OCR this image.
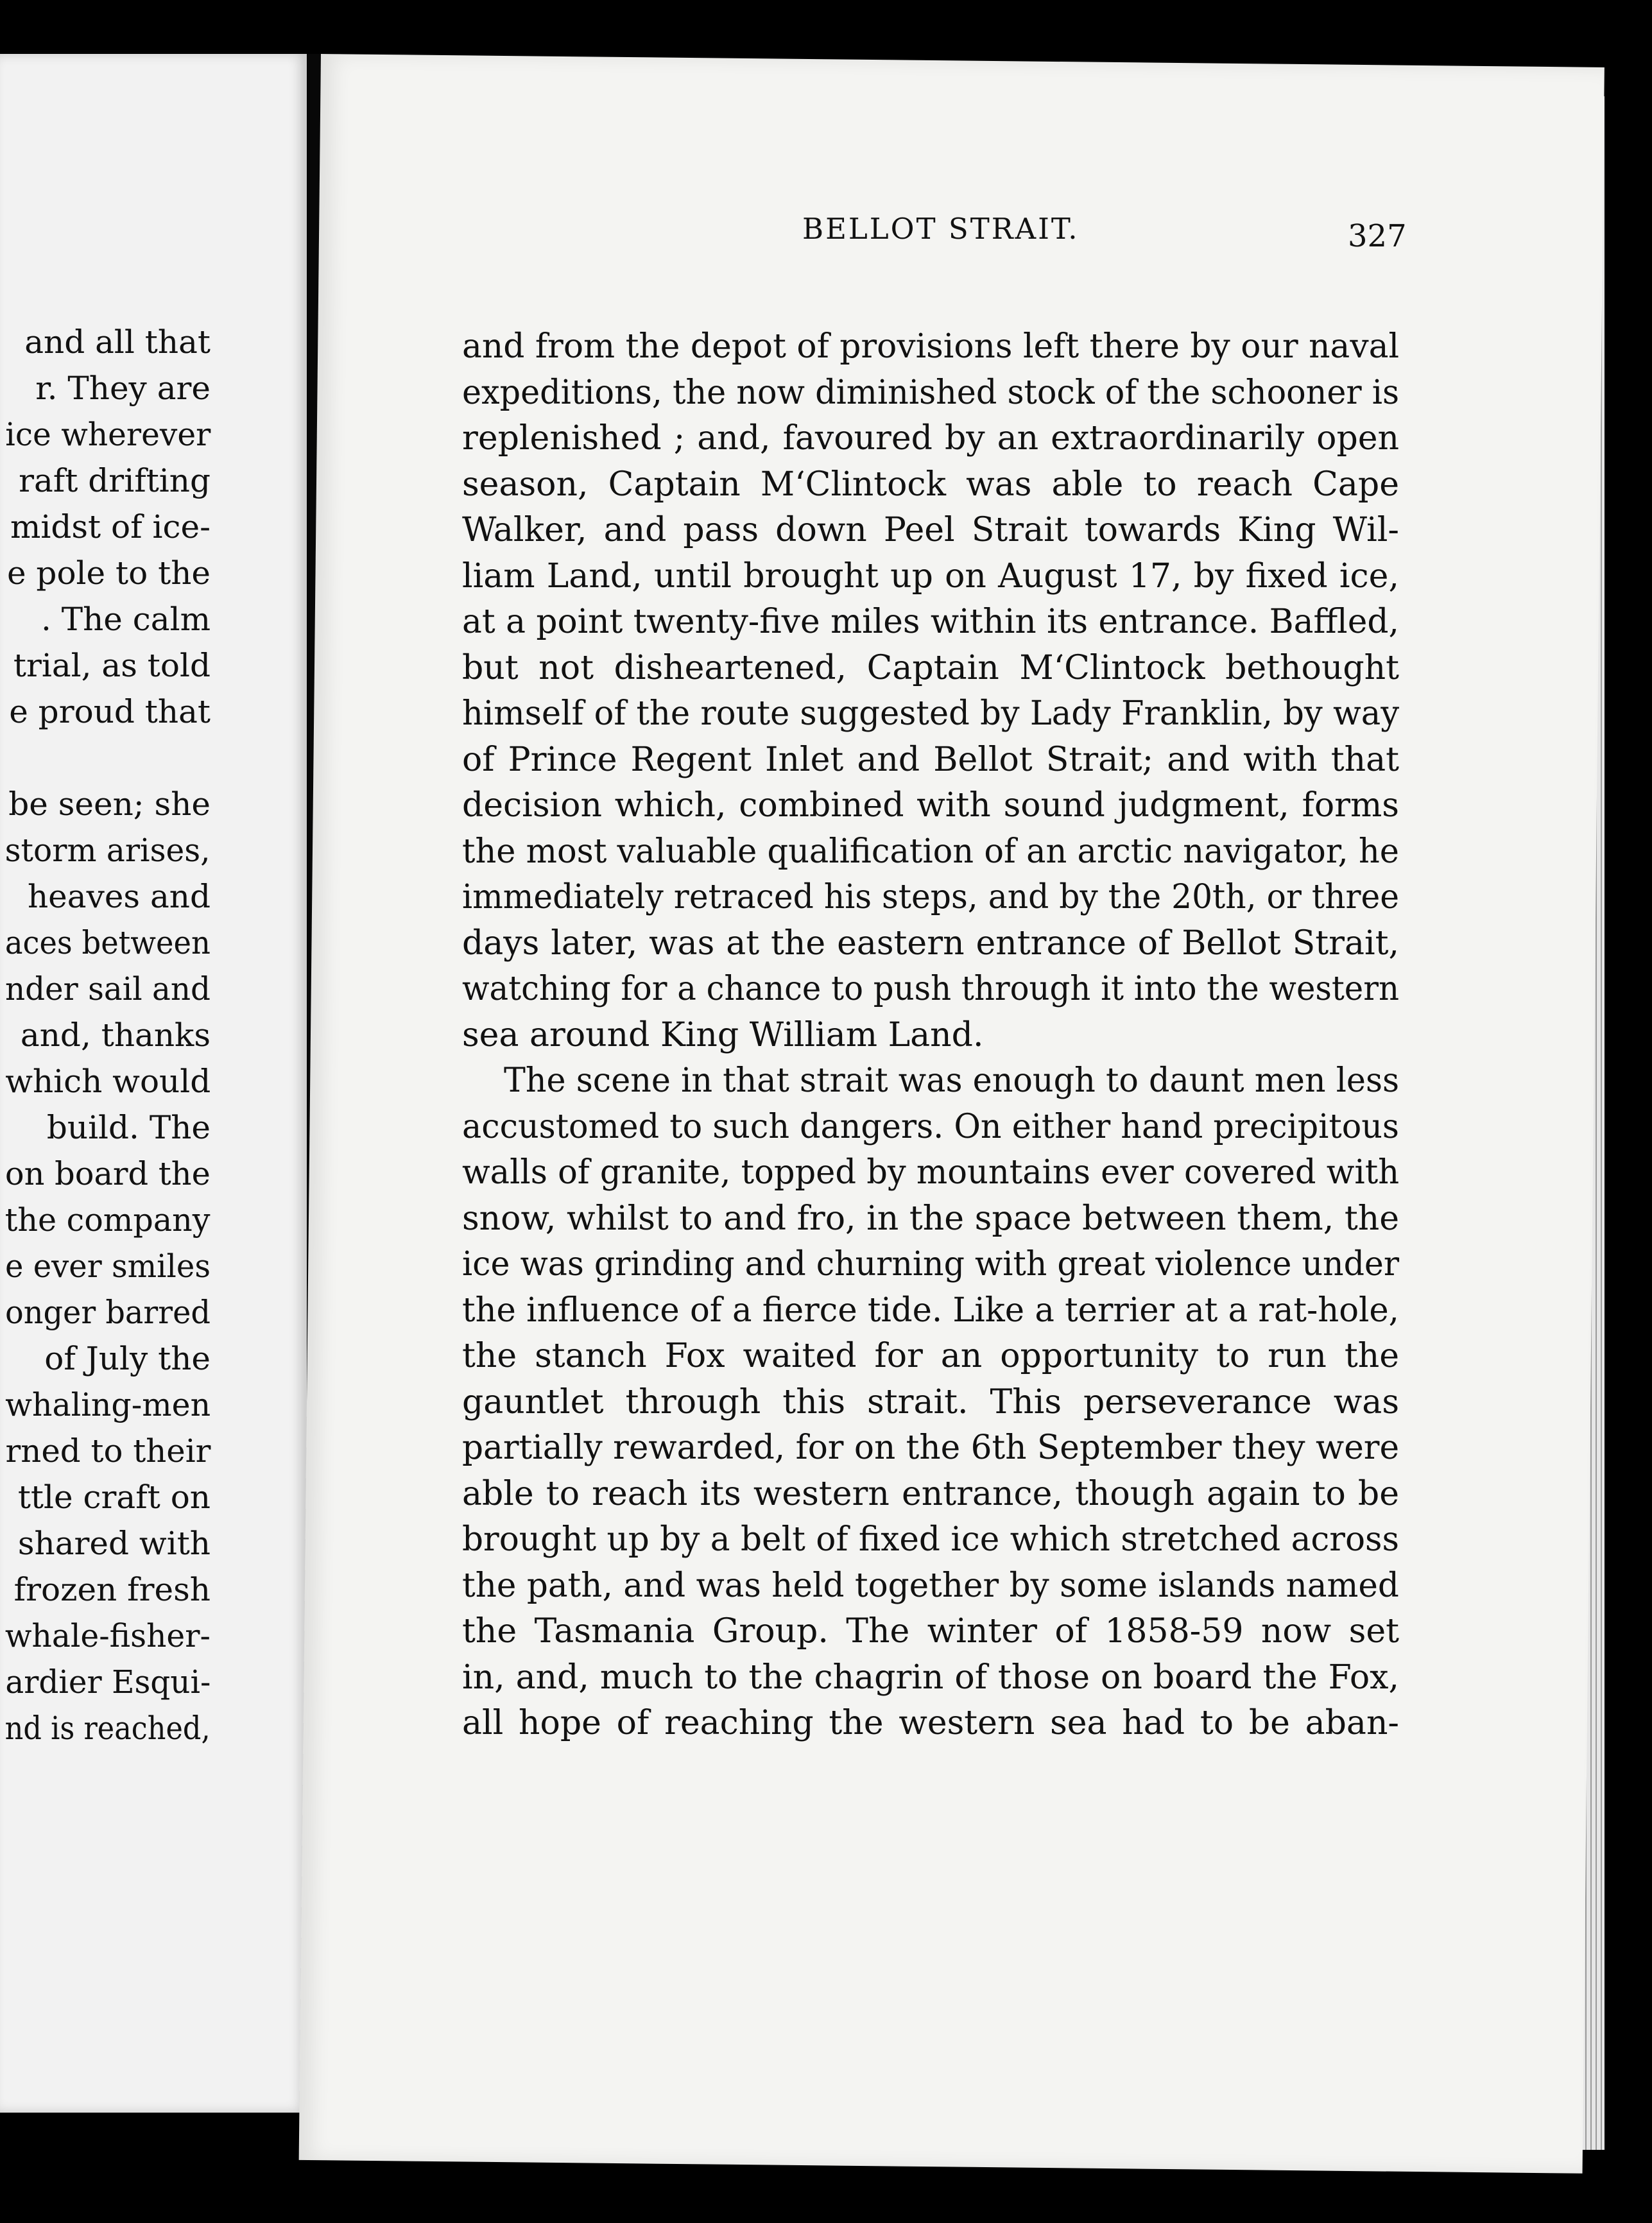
and all that
r. They are
ice wherever
raft drifting
midst of ice-
e pole to the
. The calm
trial, as told
e proud that
be seen; she
storm arises,
heaves and
aces between
nder sail and
and, thanks
which would
build. The
on board the
the company
e ever smiles
onger barred
of July the
whaling-men
rned to their
ttle craft on
shared with
frozen fresh
whale-fisher-
ardier Esqui-
nd is reached,
BELLOT STRAIT.	327
and from the depot of provisions left there by our naval
expeditions, the now diminished stock of the schooner is
replenished ; and, favoured by an extraordinarily open
season, Captain M‘Clintock was able to reach Cape
Walker, and pass down Peel Strait towards King Wil-
liam Land, until brought up on August 17, by fixed ice,
at a point twenty-five miles within its entrance. Baffled,
but not disheartened, Captain M‘Clintock bethought
himself of the route suggested by Lady Franklin, by way
of Prince Regent Inlet and Bellot Strait; and with that
decision which, combined with sound judgment, forms
the most valuable qualification of an arctic navigator, he
immediately retraced his steps, and by the 20th, or three
days later, was at the eastern entrance of Bellot Strait,
watching for a chance to push through it into the western
sea around King William Land.
The scene in that strait was enough to daunt men less
accustomed to such dangers. On either hand precipitous
walls of granite, topped by mountains ever covered with
snow, whilst to and fro, in the space between them, the
ice was grinding and churning with great violence under
the influence of a fierce tide. Like a terrier at a rat-hole,
the stanch Fox waited for an opportunity to run the
gauntlet through this strait. This perseverance was
partially rewarded, for on the 6th September they were
able to reach its western entrance, though again to be
brought up by a belt of fixed ice which stretched across
the path, and was held together by some islands named
the Tasmania Group. The winter of 1858-59 now set
in, and, much to the chagrin of those on board the Fox,
all hope of reaching the western sea had to be aban-
